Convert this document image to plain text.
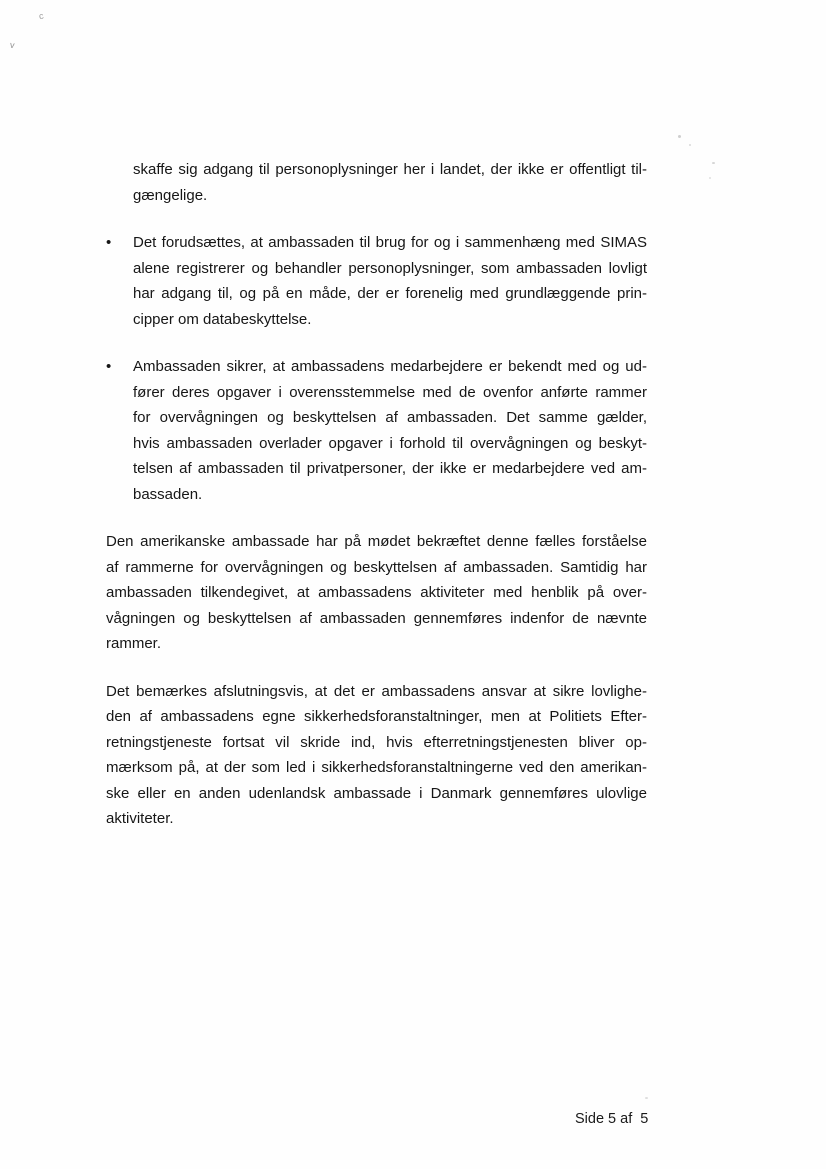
c
v
skaffe sig adgang til personoplysninger her i landet, der ikke er offentligt til-
gængelige.
•	Det forudsættes, at ambassaden til brug for og i sammenhæng med SIMAS
alene registrerer og behandler personoplysninger, som ambassaden lovligt
har adgang til, og på en måde, der er forenelig med grundlæggende prin-
cipper om databeskyttelse.
•	Ambassaden sikrer, at ambassadens medarbejdere er bekendt med og ud-
fører deres opgaver i overensstemmelse med de ovenfor anførte rammer
for overvågningen og beskyttelsen af ambassaden. Det samme gælder,
hvis ambassaden overlader opgaver i forhold til overvågningen og beskyt-
telsen af ambassaden til privatpersoner, der ikke er medarbejdere ved am-
bassaden.
Den amerikanske ambassade har på mødet bekræftet denne fælles forståelse
af rammerne for overvågningen og beskyttelsen af ambassaden. Samtidig har
ambassaden tilkendegivet, at ambassadens aktiviteter med henblik på over-
vågningen og beskyttelsen af ambassaden gennemføres indenfor de nævnte
rammer.
Det bemærkes afslutningsvis, at det er ambassadens ansvar at sikre lovlighe-
den af ambassadens egne sikkerhedsforanstaltninger, men at Politiets Efter-
retningstjeneste fortsat vil skride ind, hvis efterretningstjenesten bliver op-
mærksom på, at der som led i sikkerhedsforanstaltningerne ved den amerikan-
ske eller en anden udenlandsk ambassade i Danmark gennemføres ulovlige
aktiviteter.
Side 5 af  5
